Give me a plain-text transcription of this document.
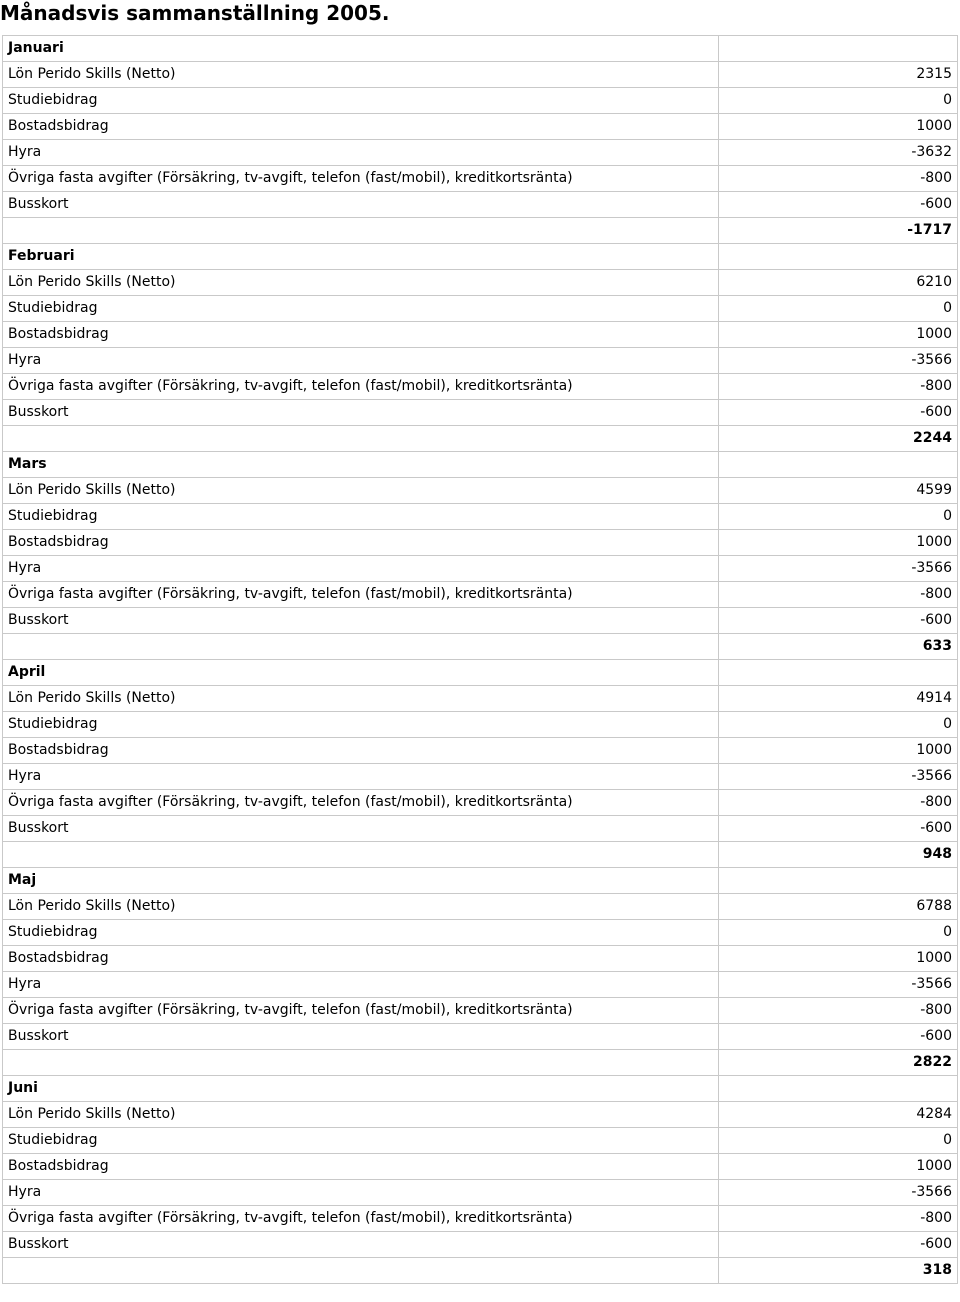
Månadsvis sammanställning 2005.
Januari	
Lön Perido Skills (Netto)	2315
Studiebidrag	0
Bostadsbidrag	1000
Hyra	-3632
Övriga fasta avgifter (Försäkring, tv-avgift, telefon (fast/mobil), kreditkortsränta)	-800
Busskort	-600
	-1717
Februari	
Lön Perido Skills (Netto)	6210
Studiebidrag	0
Bostadsbidrag	1000
Hyra	-3566
Övriga fasta avgifter (Försäkring, tv-avgift, telefon (fast/mobil), kreditkortsränta)	-800
Busskort	-600
	2244
Mars	
Lön Perido Skills (Netto)	4599
Studiebidrag	0
Bostadsbidrag	1000
Hyra	-3566
Övriga fasta avgifter (Försäkring, tv-avgift, telefon (fast/mobil), kreditkortsränta)	-800
Busskort	-600
	633
April	
Lön Perido Skills (Netto)	4914
Studiebidrag	0
Bostadsbidrag	1000
Hyra	-3566
Övriga fasta avgifter (Försäkring, tv-avgift, telefon (fast/mobil), kreditkortsränta)	-800
Busskort	-600
	948
Maj	
Lön Perido Skills (Netto)	6788
Studiebidrag	0
Bostadsbidrag	1000
Hyra	-3566
Övriga fasta avgifter (Försäkring, tv-avgift, telefon (fast/mobil), kreditkortsränta)	-800
Busskort	-600
	2822
Juni	
Lön Perido Skills (Netto)	4284
Studiebidrag	0
Bostadsbidrag	1000
Hyra	-3566
Övriga fasta avgifter (Försäkring, tv-avgift, telefon (fast/mobil), kreditkortsränta)	-800
Busskort	-600
	318
